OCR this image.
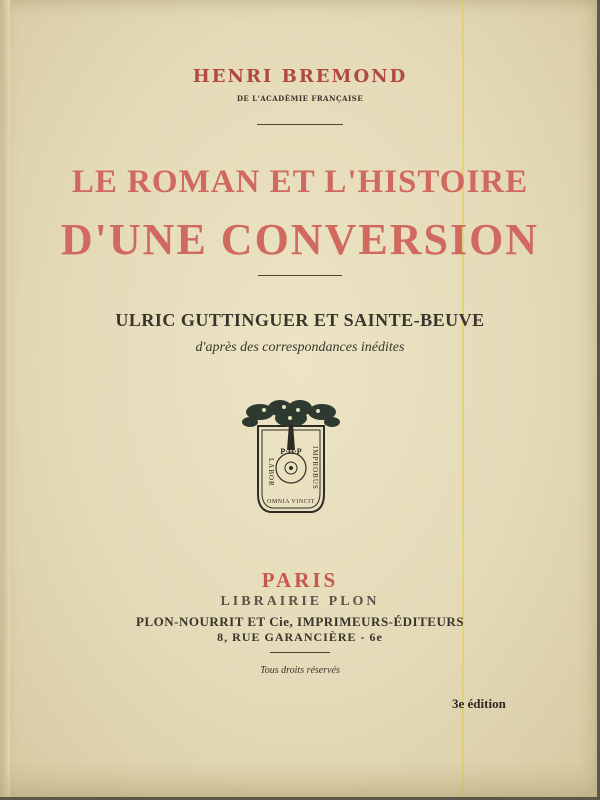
HENRI BREMOND
DE L'ACADÉMIE FRANÇAISE
LE ROMAN ET L'HISTOIRE
D'UNE CONVERSION
ULRIC GUTTINGUER ET SAINTE-BEUVE
d'après des correspondances inédites
P·H·P
LABOR	IMPROBUS
OMNIA VINCIT
PARIS
LIBRAIRIE PLON
PLON-NOURRIT ET Cie, IMPRIMEURS-ÉDITEURS
8, RUE GARANCIÈRE - 6e
Tous droits réservés
3e édition
